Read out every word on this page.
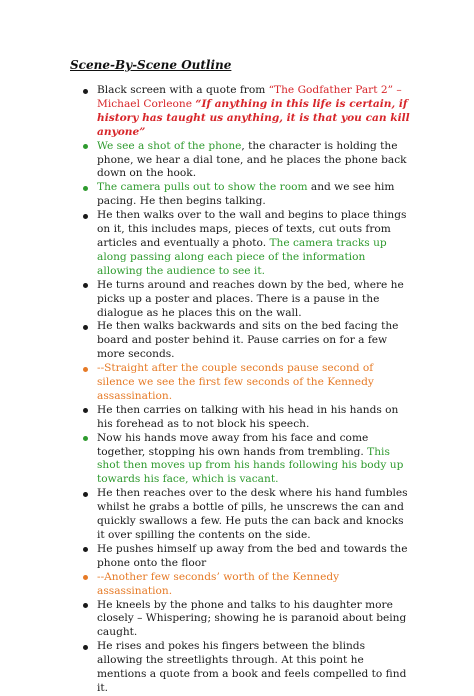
Scene-By-Scene Outline
Black screen with a quote from “The Godfather Part 2” – Michael Corleone “If anything in this life is certain, if history has taught us anything, it is that you can kill anyone”
We see a shot of the phone, the character is holding the phone, we hear a dial tone, and he places the phone back down on the hook.
The camera pulls out to show the room and we see him pacing. He then begins talking.
He then walks over to the wall and begins to place things on it, this includes maps, pieces of texts, cut outs from articles and eventually a photo. The camera tracks up along passing along each piece of the information allowing the audience to see it.
He turns around and reaches down by the bed, where he picks up a poster and places. There is a pause in the dialogue as he places this on the wall.
He then walks backwards and sits on the bed facing the board and poster behind it. Pause carries on for a few more seconds.
--Straight after the couple seconds pause second of silence we see the first few seconds of the Kennedy assassination.
He then carries on talking with his head in his hands on his forehead as to not block his speech.
Now his hands move away from his face and come together, stopping his own hands from trembling. This shot then moves up from his hands following his body up towards his face, which is vacant.
He then reaches over to the desk where his hand fumbles whilst he grabs a bottle of pills, he unscrews the can and quickly swallows a few. He puts the can back and knocks it over spilling the contents on the side.
He pushes himself up away from the bed and towards the phone onto the floor
--Another few seconds’ worth of the Kennedy assassination.
He kneels by the phone and talks to his daughter more closely – Whispering; showing he is paranoid about being caught.
He rises and pokes his fingers between the blinds allowing the streetlights through. At this point he mentions a quote from a book and feels compelled to find it.
